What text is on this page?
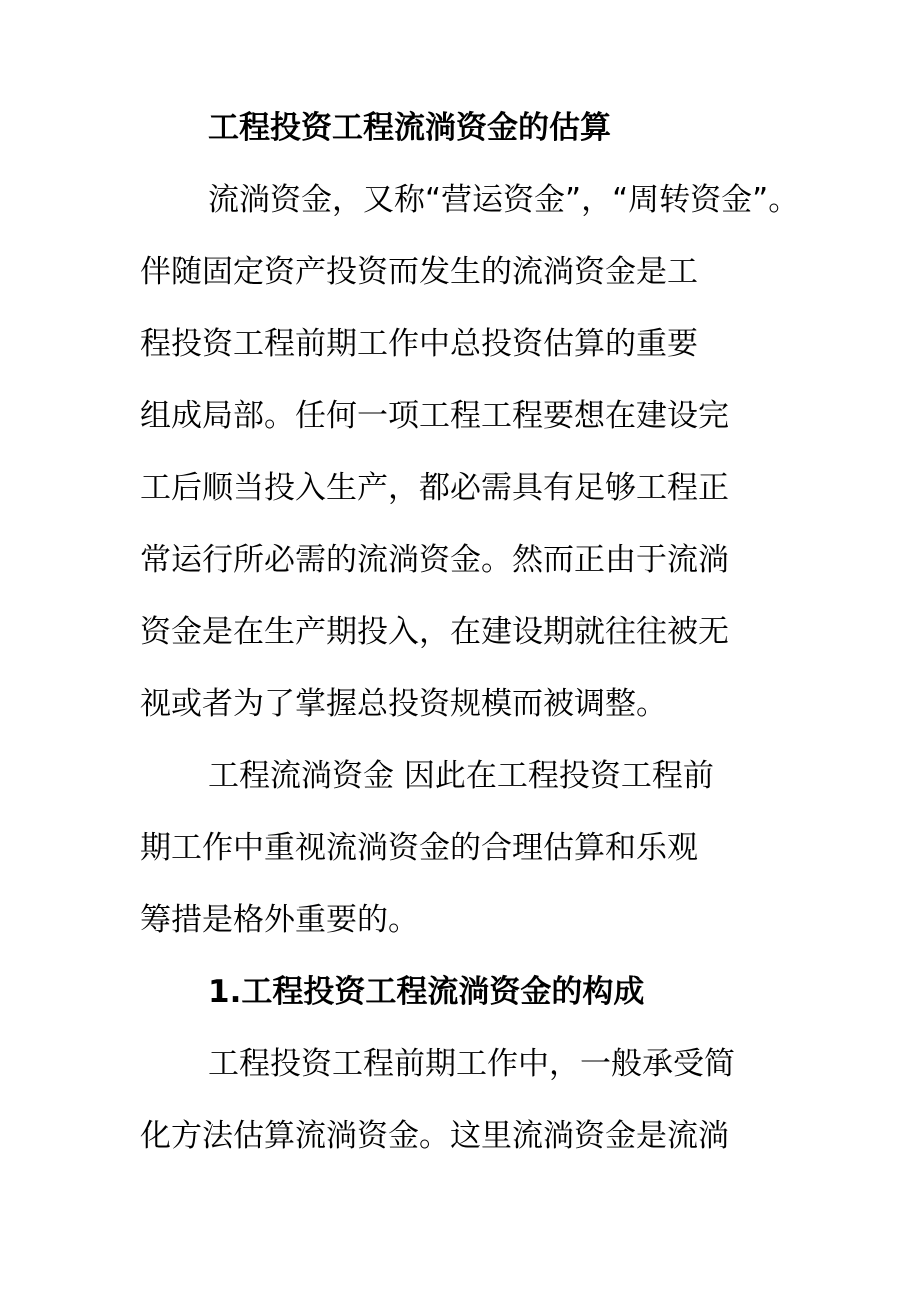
工程投资工程流淌资金的估算
流淌资金，又称“营运资金”，“周转资金”。
伴随固定资产投资而发生的流淌资金是工
程投资工程前期工作中总投资估算的重要
组成局部。任何一项工程工程要想在建设完
工后顺当投入生产，都必需具有足够工程正
常运行所必需的流淌资金。然而正由于流淌
资金是在生产期投入，在建设期就往往被无
视或者为了掌握总投资规模而被调整。
工程流淌资金 因此在工程投资工程前
期工作中重视流淌资金的合理估算和乐观
筹措是格外重要的。
1.工程投资工程流淌资金的构成
工程投资工程前期工作中，一般承受简
化方法估算流淌资金。这里流淌资金是流淌
